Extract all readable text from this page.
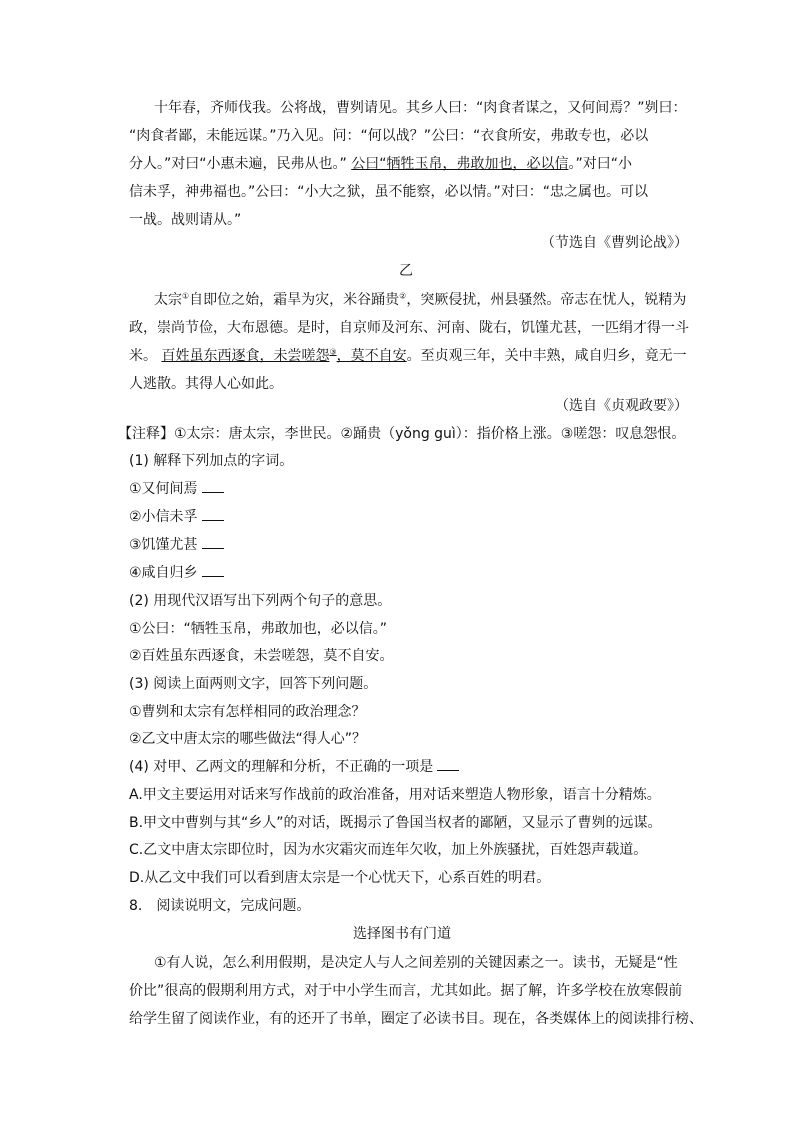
十年春，齐师伐我。公将战，曹刿请见。其乡人曰：“肉食者谋之，又何间焉？”刿曰：
“肉食者鄙，未能远谋。”乃入见。问：“何以战？”公曰：“衣食所安，弗敢专也，必以
分人。”对曰“小惠未遍，民弗从也。” 公曰“牺牲玉帛，弗敢加也，必以信。”对曰“小
信未孚，神弗福也。”公曰：“小大之狱，虽不能察，必以情。”对曰：“忠之属也。可以
一战。战则请从。”
（节选自《曹刿论战》）
乙
太宗①自即位之始，霜旱为灾，米谷踊贵②，突厥侵扰，州县骚然。帝志在忧人，锐精为
政，崇尚节俭，大布恩德。是时，自京师及河东、河南、陇右，饥馑尤甚，一匹绢才得一斗
米。 百姓虽东西逐食，未尝嗟怨③，莫不自安。至贞观三年，关中丰熟，咸自归乡，竟无一
人逃散。其得人心如此。
（选自《贞观政要》）
【注释】①太宗：唐太宗，李世民。②踊贵（yǒng guì）：指价格上涨。③嗟怨：叹息怨恨。
(1) 解释下列加点的字词。
①又何间焉
②小信未孚
③饥馑尤甚
④咸自归乡
(2) 用现代汉语写出下列两个句子的意思。
①公曰：“牺牲玉帛，弗敢加也，必以信。”
②百姓虽东西逐食，未尝嗟怨，莫不自安。
(3) 阅读上面两则文字，回答下列问题。
①曹刿和太宗有怎样相同的政治理念？
②乙文中唐太宗的哪些做法“得人心”？
(4) 对甲、乙两文的理解和分析，不正确的一项是
A.甲文主要运用对话来写作战前的政治准备，用对话来塑造人物形象，语言十分精炼。
B.甲文中曹刿与其“乡人”的对话，既揭示了鲁国当权者的鄙陋，又显示了曹刿的远谋。
C.乙文中唐太宗即位时，因为水灾霜灾而连年欠收，加上外族骚扰，百姓怨声载道。
D.从乙文中我们可以看到唐太宗是一个心忧天下，心系百姓的明君。
8. 阅读说明文，完成问题。
选择图书有门道
①有人说，怎么利用假期，是决定人与人之间差别的关键因素之一。读书，无疑是“性
价比”很高的假期利用方式，对于中小学生而言，尤其如此。据了解，许多学校在放寒假前
给学生留了阅读作业，有的还开了书单，圈定了必读书目。现在，各类媒体上的阅读排行榜、
